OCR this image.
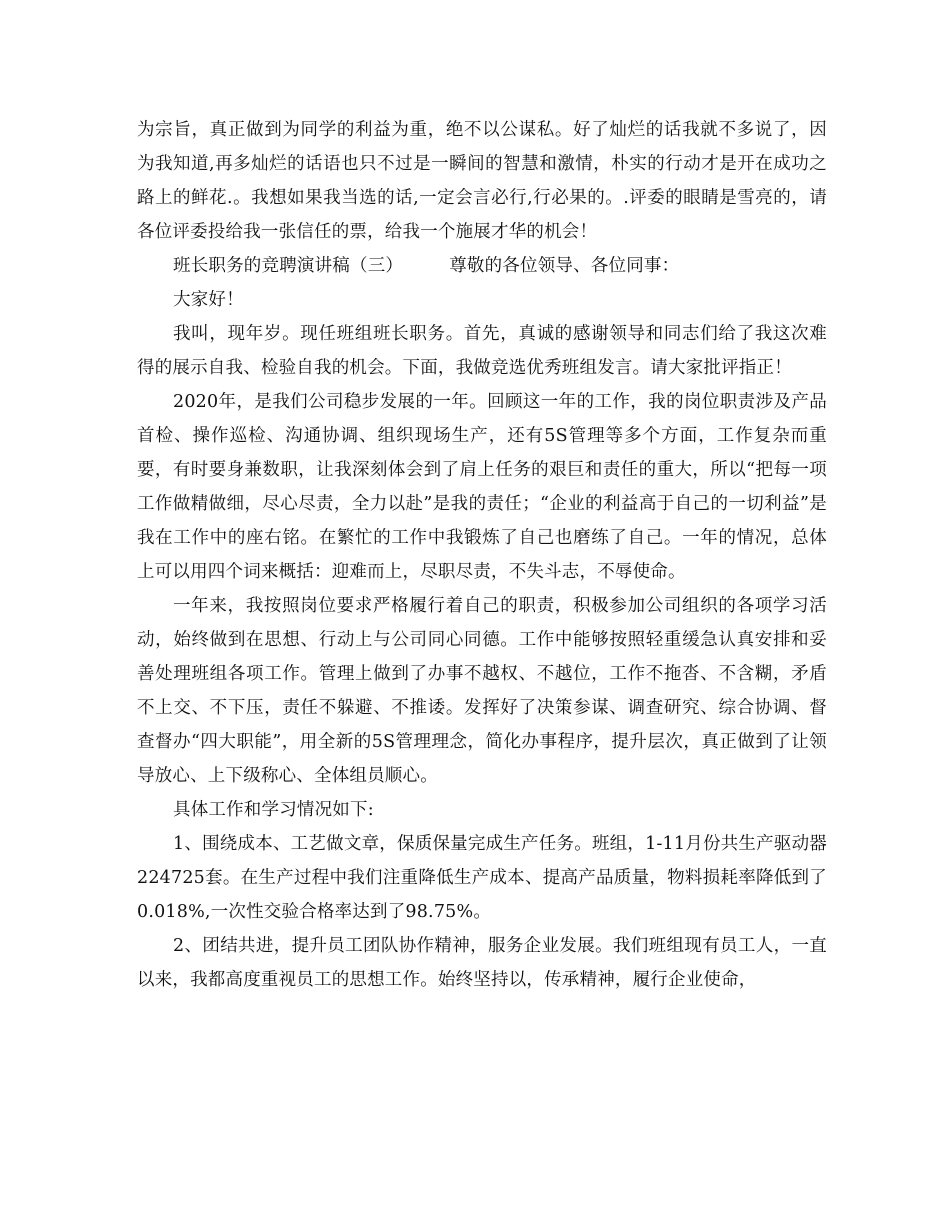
为宗旨，真正做到为同学的利益为重，绝不以公谋私。好了灿烂的话我就不多说了，因为我知道,再多灿烂的话语也只不过是一瞬间的智慧和激情，朴实的行动才是开在成功之路上的鲜花.。我想如果我当选的话,一定会言必行,行必果的。.评委的眼睛是雪亮的，请各位评委投给我一张信任的票，给我一个施展才华的机会！

班长职务的竞聘演讲稿（三）        尊敬的各位领导、各位同事：

大家好！

我叫，现年岁。现任班组班长职务。首先，真诚的感谢领导和同志们给了我这次难得的展示自我、检验自我的机会。下面，我做竞选优秀班组发言。请大家批评指正！

2020年，是我们公司稳步发展的一年。回顾这一年的工作，我的岗位职责涉及产品首检、操作巡检、沟通协调、组织现场生产，还有5S管理等多个方面，工作复杂而重要，有时要身兼数职，让我深刻体会到了肩上任务的艰巨和责任的重大，所以“把每一项工作做精做细，尽心尽责，全力以赴”是我的责任；“企业的利益高于自己的一切利益”是我在工作中的座右铭。在繁忙的工作中我锻炼了自己也磨练了自己。一年的情况，总体上可以用四个词来概括：迎难而上，尽职尽责，不失斗志，不辱使命。

一年来，我按照岗位要求严格履行着自己的职责，积极参加公司组织的各项学习活动，始终做到在思想、行动上与公司同心同德。工作中能够按照轻重缓急认真安排和妥善处理班组各项工作。管理上做到了办事不越权、不越位，工作不拖沓、不含糊，矛盾不上交、不下压，责任不躲避、不推诿。发挥好了决策参谋、调查研究、综合协调、督查督办“四大职能”，用全新的5S管理理念，简化办事程序，提升层次，真正做到了让领导放心、上下级称心、全体组员顺心。

具体工作和学习情况如下:

1、围绕成本、工艺做文章，保质保量完成生产任务。班组，1-11月份共生产驱动器224725套。在生产过程中我们注重降低生产成本、提高产品质量，物料损耗率降低到了0.018%,一次性交验合格率达到了98.75%。

2、团结共进，提升员工团队协作精神，服务企业发展。我们班组现有员工人，一直以来，我都高度重视员工的思想工作。始终坚持以，传承精神，履行企业使命，
